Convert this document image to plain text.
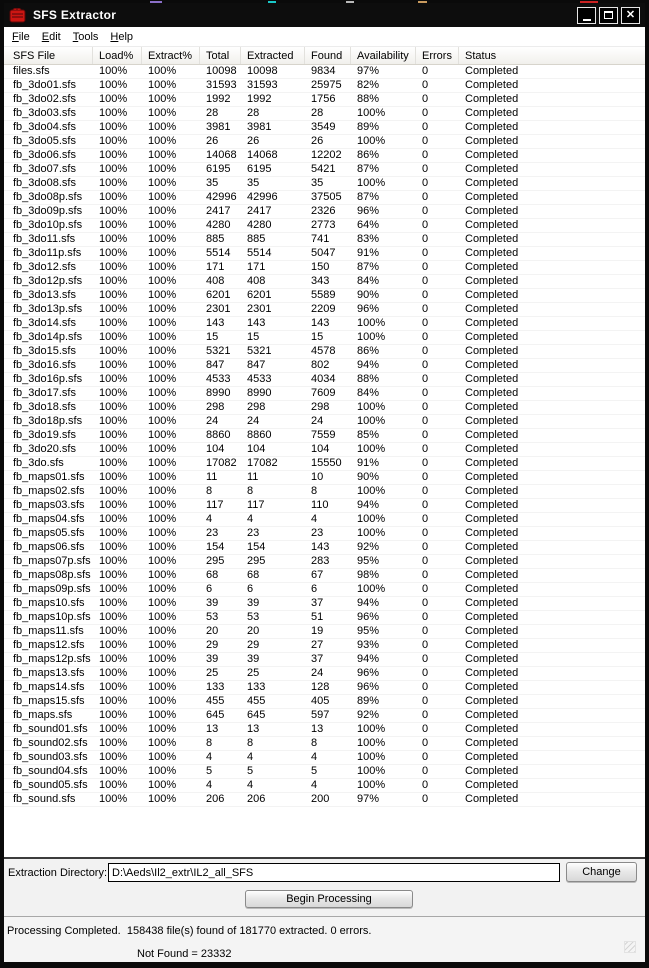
SFS Extractor	✕
File	Edit	Tools	Help
SFS File	Load%	Extract%	Total	Extracted	Found	Availability	Errors	Status
files.sfs	100%	100%	10098 10098	9834	97%	0	Completed
fb_3do01.sfs	100%	100%	31593 31593	25975	82%	0	Completed
fb_3do02.sfs	100%	100%	1992	1992	1756	88%	0	Completed
fb_3do03.sfs	100%	100%	28	28	28	100%	0	Completed
fb_3do04.sfs	100%	100%	3981	3981	3549	89%	0	Completed
fb_3do05.sfs	100%	100%	26	26	26	100%	0	Completed
fb_3do06.sfs	100%	100%	14068 14068	12202	86%	0	Completed
fb_3do07.sfs	100%	100%	6195	6195	5421	87%	0	Completed
fb_3do08.sfs	100%	100%	35	35	35	100%	0	Completed
fb_3do08p.sfs	100%	100%	42996 42996	37505	87%	0	Completed
fb_3do09p.sfs	100%	100%	2417	2417	2326	96%	0	Completed
fb_3do10p.sfs	100%	100%	4280	4280	2773	64%	0	Completed
fb_3do11.sfs	100%	100%	885	885	741	83%	0	Completed
fb_3do11p.sfs	100%	100%	5514	5514	5047	91%	0	Completed
fb_3do12.sfs	100%	100%	171	171	150	87%	0	Completed
fb_3do12p.sfs	100%	100%	408	408	343	84%	0	Completed
fb_3do13.sfs	100%	100%	6201	6201	5589	90%	0	Completed
fb_3do13p.sfs	100%	100%	2301	2301	2209	96%	0	Completed
fb_3do14.sfs	100%	100%	143	143	143	100%	0	Completed
fb_3do14p.sfs	100%	100%	15	15	15	100%	0	Completed
fb_3do15.sfs	100%	100%	5321	5321	4578	86%	0	Completed
fb_3do16.sfs	100%	100%	847	847	802	94%	0	Completed
fb_3do16p.sfs	100%	100%	4533	4533	4034	88%	0	Completed
fb_3do17.sfs	100%	100%	8990	8990	7609	84%	0	Completed
fb_3do18.sfs	100%	100%	298	298	298	100%	0	Completed
fb_3do18p.sfs	100%	100%	24	24	24	100%	0	Completed
fb_3do19.sfs	100%	100%	8860	8860	7559	85%	0	Completed
fb_3do20.sfs	100%	100%	104	104	104	100%	0	Completed
fb_3do.sfs	100%	100%	17082 17082	15550	91%	0	Completed
fb_maps01.sfs	100%	100%	11	11	10	90%	0	Completed
fb_maps02.sfs	100%	100%	8	8	8	100%	0	Completed
fb_maps03.sfs	100%	100%	117	117	110	94%	0	Completed
fb_maps04.sfs	100%	100%	4	4	4	100%	0	Completed
fb_maps05.sfs	100%	100%	23	23	23	100%	0	Completed
fb_maps06.sfs	100%	100%	154	154	143	92%	0	Completed
fb_maps07p.sfs 100%	100%	295	295	283	95%	0	Completed
fb_maps08p.sfs 100%	100%	68	68	67	98%	0	Completed
fb_maps09p.sfs 100%	100%	6	6	6	100%	0	Completed
fb_maps10.sfs	100%	100%	39	39	37	94%	0	Completed
fb_maps10p.sfs 100%	100%	53	53	51	96%	0	Completed
fb_maps11.sfs	100%	100%	20	20	19	95%	0	Completed
fb_maps12.sfs	100%	100%	29	29	27	93%	0	Completed
fb_maps12p.sfs 100%	100%	39	39	37	94%	0	Completed
fb_maps13.sfs	100%	100%	25	25	24	96%	0	Completed
fb_maps14.sfs	100%	100%	133	133	128	96%	0	Completed
fb_maps15.sfs	100%	100%	455	455	405	89%	0	Completed
fb_maps.sfs	100%	100%	645	645	597	92%	0	Completed
fb_sound01.sfs	100%	100%	13	13	13	100%	0	Completed
fb_sound02.sfs	100%	100%	8	8	8	100%	0	Completed
fb_sound03.sfs	100%	100%	4	4	4	100%	0	Completed
fb_sound04.sfs	100%	100%	5	5	5	100%	0	Completed
fb_sound05.sfs	100%	100%	4	4	4	100%	0	Completed
fb_sound.sfs	100%	100%	206	206	200	97%	0	Completed
Extraction Directory:
D:\Aeds\Il2_extr\IL2_all_SFS	Change
Begin Processing
Processing Completed.  158438 file(s) found of 181770 extracted. 0 errors.
Not Found = 23332
